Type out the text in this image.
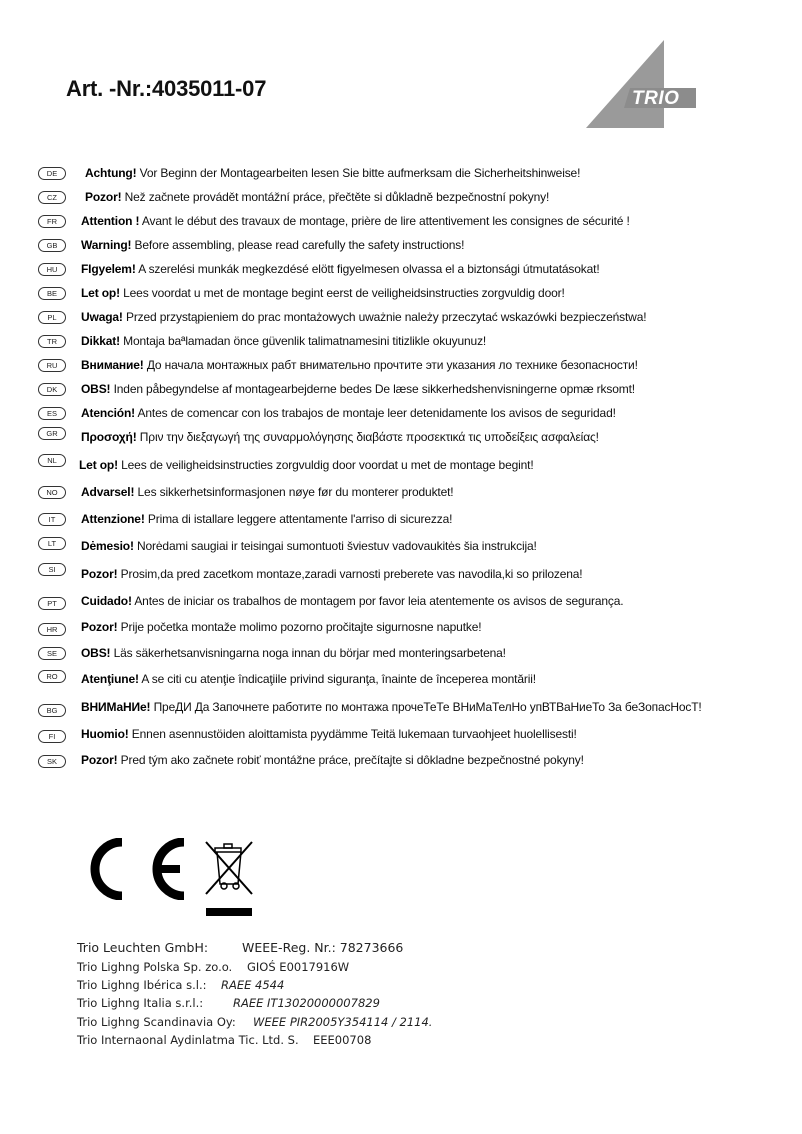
Art. -Nr.:4035011-07	TRIO
DE	Achtung! Vor Beginn der Montagearbeiten lesen Sie bitte aufmerksam die Sicherheitshinweise!
CZ	Pozor! Než začnete provádět montážní práce, přečtěte si důkladně bezpečnostní pokyny!
FR	Attention ! Avant le début des travaux de montage, prière de lire attentivement les consignes de sécurité !
GB	Warning! Before assembling, please read carefully the safety instructions!
HU	FIgyelem! A szerelési munkák megkezdésé elött figyelmesen olvassa el a biztonsági útmutatásokat!
BE	Let op! Lees voordat u met de montage begint eerst de veiligheidsinstructies zorgvuldig door!
PL	Uwaga! Przed przystąpieniem do prac montażowych uważnie należy przeczytać wskazówki bezpieczeństwa!
TR	Dikkat! Montaja baªlamadan önce güvenlik talimatnamesini titizlikle okuyunuz!
RU	Внимание! До начала монтажных рабт внимательно прочтите эти указания ло технике безопасности!
DK	OBS! Inden påbegyndelse af montagearbejderne bedes De læse sikkerhedshenvisningerne opmæ rksomt!
ES	Atención! Antes de comencar con los trabajos de montaje leer detenidamente los avisos de seguridad!
GR	Προσοχή! Πριν την διεξαγωγή της συναρμολόγησης διαβάστε προσεκτικά τις υποδείξεις ασφαλείας!
NL	Let op! Lees de veiligheidsinstructies zorgvuldig door voordat u met de montage begint!
NO	Advarsel! Les sikkerhetsinformasjonen nøye før du monterer produktet!
IT	Attenzione! Prima di istallare leggere attentamente l'arriso di sicurezza!
LT	Dėmesio! Norėdami saugiai ir teisingai sumontuoti šviestuv vadovaukitės šia instrukcija!
SI	Pozor! Prosim,da pred zacetkom montaze,zaradi varnosti preberete vas navodila,ki so prilozena!
PT	Cuidado! Antes de iniciar os trabalhos de montagem por favor leia atentemente os avisos de segurança.
HR	Pozor! Prije početka montaže molimo pozorno pročitajte sigurnosne naputke!
SE	OBS! Läs säkerhetsanvisningarna noga innan du börjar med monteringsarbetena!
RO	Atenţiune! A se citi cu atenţie îndicaţiile privind siguranţa, înainte de începerea montării!
BG	ВНИМаНИе! ПреДИ Да Започнете работите по монтажа прочеТеТе ВНиМаТелНо упВТВаНиеТо За беЗопасНосТ!
FI	Huomio! Ennen asennustöiden aloittamista pyydämme Teitä lukemaan turvaohjeet huolellisesti!
SK	Pozor! Pred tým ako začnete robiť montážne práce, prečítajte si dôkladne bezpečnostné pokyny!
Trio Leuchten GmbH:	WEEE-Reg. Nr.: 78273666
Trio Lighng Polska Sp. zo.o. GIOŚ E0017916W
Trio Lighng Ibérica s.l.: RAEE 4544
Trio Lighng Italia s.r.l.:	RAEE IT13020000007829
Trio Lighng Scandinavia Oy: WEEE PIR2005Y354114 / 2114.
Trio Internaonal Aydinlatma Tic. Ltd. S. EEE00708
